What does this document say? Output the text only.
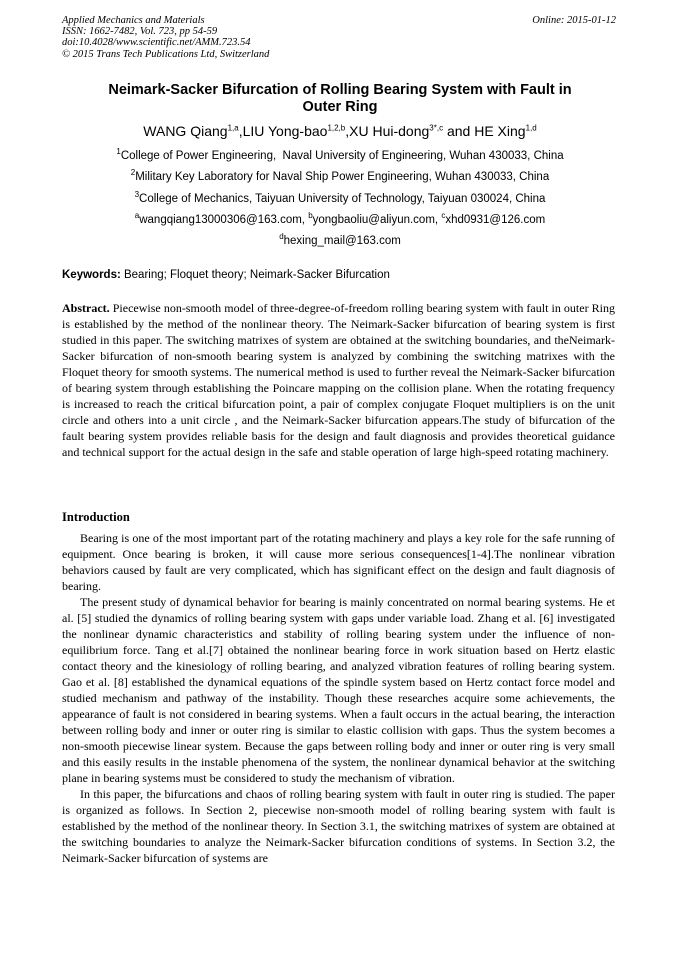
Applied Mechanics and Materials
ISSN: 1662-7482, Vol. 723, pp 54-59
doi:10.4028/www.scientific.net/AMM.723.54
© 2015 Trans Tech Publications Ltd, Switzerland
Online: 2015-01-12
Neimark-Sacker Bifurcation of Rolling Bearing System with Fault in
Outer Ring
WANG Qiang$^{1,a}$,LIU Yong-bao$^{1,2,b}$,XU Hui-dong$^{3*,c}$ and HE Xing$^{1,d}$
$^1$College of Power Engineering,  Naval University of Engineering, Wuhan 430033, China
$^2$Military Key Laboratory for Naval Ship Power Engineering, Wuhan 430033, China
$^3$College of Mechanics, Taiyuan University of Technology, Taiyuan 030024, China
$^a$wangqiang13000306@163.com, $^b$yongbaoliu@aliyun.com, $^c$xhd0931@126.com
$^d$hexing_mail@163.com
Keywords: Bearing; Floquet theory; Neimark-Sacker Bifurcation
Abstract. Piecewise non-smooth model of three-degree-of-freedom rolling bearing system with fault in outer Ring is established by the method of the nonlinear theory. The Neimark-Sacker bifurcation of bearing system is first studied in this paper. The switching matrixes of system are obtained at the switching boundaries, and theNeimark-Sacker bifurcation of non-smooth bearing system is analyzed by combining the switching matrixes with the Floquet theory for smooth systems. The numerical method is used to further reveal the Neimark-Sacker bifurcation of bearing system through establishing the Poincare mapping on the collision plane. When the rotating frequency is increased to reach the critical bifurcation point, a pair of complex conjugate Floquet multipliers is on the unit circle and others into a unit circle , and the Neimark-Sacker bifurcation appears.The study of bifurcation of the fault bearing system provides reliable basis for the design and fault diagnosis and provides theoretical guidance and technical support for the actual design in the safe and stable operation of large high-speed rotating machinery.
Introduction

Bearing is one of the most important part of the rotating machinery and plays a key role for the safe running of equipment. Once bearing is broken, it will cause more serious consequences[1-4].The nonlinear vibration behaviors caused by fault are very complicated, which has significant effect on the design and fault diagnosis of bearing.

The present study of dynamical behavior for bearing is mainly concentrated on normal bearing systems. He et al. [5] studied the dynamics of rolling bearing system with gaps under variable load. Zhang et al. [6] investigated the nonlinear dynamic characteristics and stability of rolling bearing system under the influence of non-equilibrium force. Tang et al.[7] obtained the nonlinear bearing force in work situation based on Hertz elastic contact theory and the kinesiology of rolling bearing, and analyzed vibration features of rolling bearing system. Gao et al. [8] established the dynamical equations of the spindle system based on Hertz contact force model and studied mechanism and pathway of the instability. Though these researches acquire some achievements, the appearance of fault is not considered in bearing systems. When a fault occurs in the actual bearing, the interaction between rolling body and inner or outer ring is similar to elastic collision with gaps. Thus the system becomes a non-smooth piecewise linear system. Because the gaps between rolling body and inner or outer ring is very small and this easily results in the instable phenomena of the system, the nonlinear dynamical behavior at the switching plane in bearing systems must be considered to study the mechanism of vibration.

In this paper, the bifurcations and chaos of rolling bearing system with fault in outer ring is studied. The paper is organized as follows. In Section 2, piecewise non-smooth model of rolling bearing system with fault is established by the method of the nonlinear theory. In Section 3.1, the switching matrixes of system are obtained at the switching boundaries to analyze the Neimark-Sacker bifurcation conditions of systems. In Section 3.2, the Neimark-Sacker bifurcation of systems are
